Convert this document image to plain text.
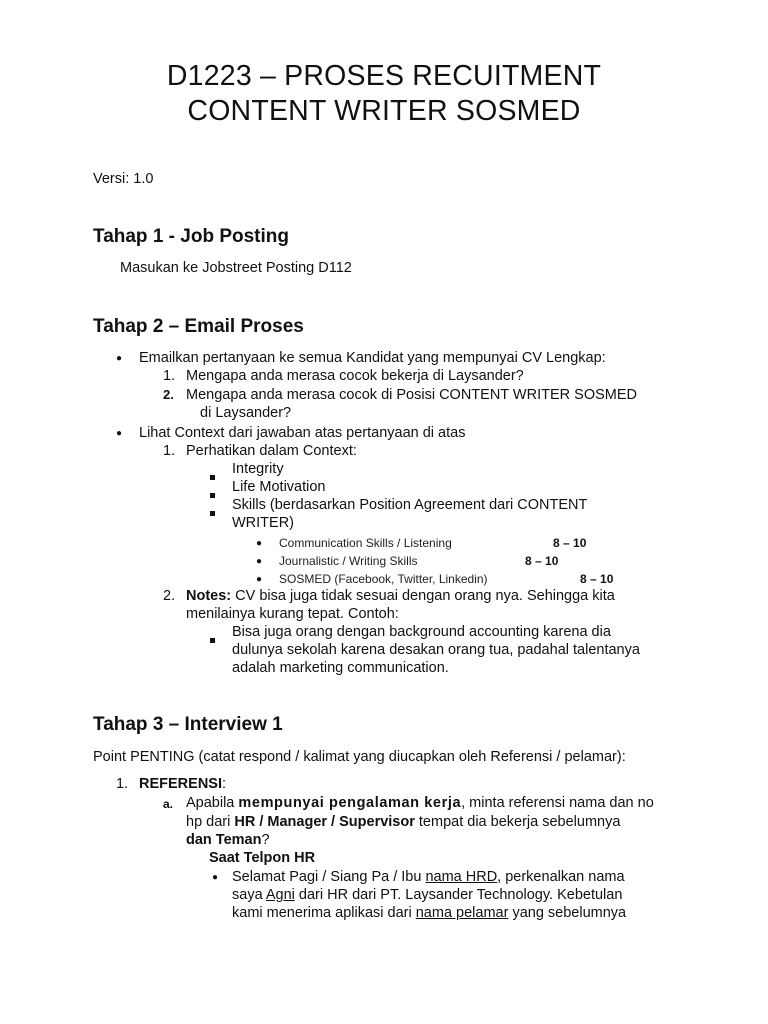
D1223 – PROSES RECUITMENT
CONTENT WRITER SOSMED
Versi: 1.0
Tahap 1 - Job Posting
Masukan ke Jobstreet Posting D112
Tahap 2 – Email Proses
● Emailkan pertanyaan ke semua Kandidat yang mempunyai CV Lengkap:
1. Mengapa anda merasa cocok bekerja di Laysander?
2. Mengapa anda merasa cocok di Posisi CONTENT WRITER SOSMED
di Laysander?
● Lihat Context dari jawaban atas pertanyaan di atas
1. Perhatikan dalam Context:
Integrity
Life Motivation
Skills (berdasarkan Position Agreement dari CONTENT
WRITER)
● Communication Skills / Listening	8 – 10
● Journalistic / Writing Skills	8 – 10
● SOSMED (Facebook, Twitter, Linkedin)	8 – 10
2. Notes: CV bisa juga tidak sesuai dengan orang nya. Sehingga kita
menilainya kurang tepat. Contoh:
Bisa juga orang dengan background accounting karena dia
dulunya sekolah karena desakan orang tua, padahal talentanya
adalah marketing communication.
Tahap 3 – Interview 1
Point PENTING (catat respond / kalimat yang diucapkan oleh Referensi / pelamar):
1. REFERENSI:
a. Apabila mempunyai pengalaman kerja, minta referensi nama dan no
hp dari HR / Manager / Supervisor tempat dia bekerja sebelumnya
dan Teman?
Saat Telpon HR
● Selamat Pagi / Siang Pa / Ibu nama HRD, perkenalkan nama
saya Agni dari HR dari PT. Laysander Technology. Kebetulan
kami menerima aplikasi dari nama pelamar yang sebelumnya
